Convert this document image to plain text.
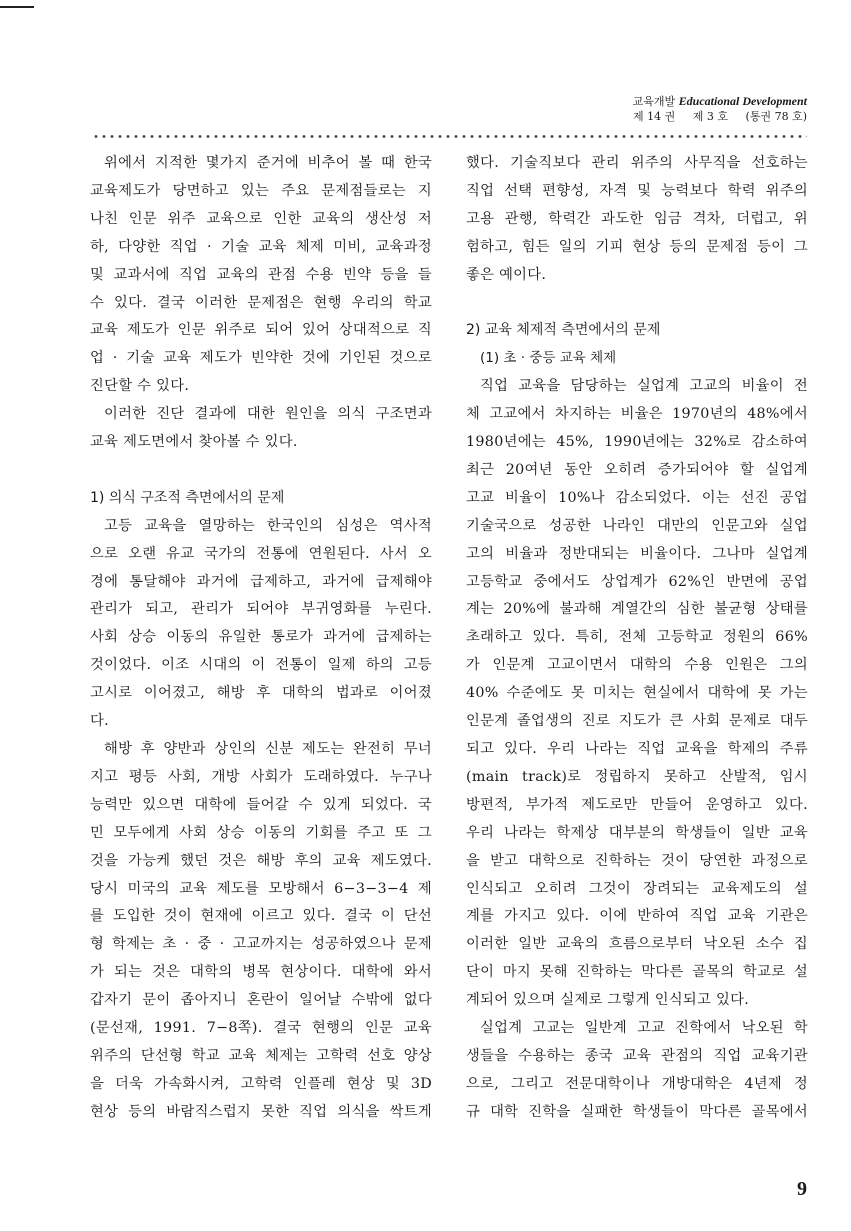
교육개발 Educational Development
제 14 권 제 3 호 (통권 78 호)

위에서 지적한 몇가지 준거에 비추어 볼 때 한국

교육제도가 당면하고 있는 주요 문제점들로는 지

나친 인문 위주 교육으로 인한 교육의 생산성 저

하, 다양한 직업 · 기술 교육 체제 미비, 교육과정

및 교과서에 직업 교육의 관점 수용 빈약 등을 들

수 있다. 결국 이러한 문제점은 현행 우리의 학교

교육 제도가 인문 위주로 되어 있어 상대적으로 직

업 · 기술 교육 제도가 빈약한 것에 기인된 것으로

진단할 수 있다.

이러한 진단 결과에 대한 원인을 의식 구조면과

교육 제도면에서 찾아볼 수 있다.

1) 의식 구조적 측면에서의 문제

고등 교육을 열망하는 한국인의 심성은 역사적

으로 오랜 유교 국가의 전통에 연원된다. 사서 오

경에 통달해야 과거에 급제하고, 과거에 급제해야

관리가 되고, 관리가 되어야 부귀영화를 누린다.

사회 상승 이동의 유일한 통로가 과거에 급제하는

것이었다. 이조 시대의 이 전통이 일제 하의 고등

고시로 이어졌고, 해방 후 대학의 법과로 이어졌

다.

해방 후 양반과 상인의 신분 제도는 완전히 무너

지고 평등 사회, 개방 사회가 도래하였다. 누구나

능력만 있으면 대학에 들어갈 수 있게 되었다. 국

민 모두에게 사회 상승 이동의 기회를 주고 또 그

것을 가능케 했던 것은 해방 후의 교육 제도였다.

당시 미국의 교육 제도를 모방해서 6−3−3−4 제

를 도입한 것이 현재에 이르고 있다. 결국 이 단선

형 학제는 초 · 중 · 고교까지는 성공하였으나 문제

가 되는 것은 대학의 병목 현상이다. 대학에 와서

갑자기 문이 좁아지니 혼란이 일어날 수밖에 없다

(문선재, 1991. 7−8쪽). 결국 현행의 인문 교육

위주의 단선형 학교 교육 체제는 고학력 선호 양상

을 더욱 가속화시켜, 고학력 인플레 현상 및 3D

현상 등의 바람직스럽지 못한 직업 의식을 싹트게

했다. 기술직보다 관리 위주의 사무직을 선호하는

직업 선택 편향성, 자격 및 능력보다 학력 위주의

고용 관행, 학력간 과도한 임금 격차, 더럽고, 위

험하고, 힘든 일의 기피 현상 등의 문제점 등이 그

좋은 예이다.

2) 교육 체제적 측면에서의 문제

(1) 초 · 중등 교육 체제

직업 교육을 담당하는 실업계 고교의 비율이 전

체 고교에서 차지하는 비율은 1970년의 48%에서

1980년에는 45%, 1990년에는 32%로 감소하여

최근 20여년 동안 오히려 증가되어야 할 실업계

고교 비율이 10%나 감소되었다. 이는 선진 공업

기술국으로 성공한 나라인 대만의 인문고와 실업

고의 비율과 정반대되는 비율이다. 그나마 실업계

고등학교 중에서도 상업계가 62%인 반면에 공업

계는 20%에 불과해 계열간의 심한 불균형 상태를

초래하고 있다. 특히, 전체 고등학교 정원의 66%

가 인문계 고교이면서 대학의 수용 인원은 그의

40% 수준에도 못 미치는 현실에서 대학에 못 가는

인문계 졸업생의 진로 지도가 큰 사회 문제로 대두

되고 있다. 우리 나라는 직업 교육을 학제의 주류

(main track)로 정립하지 못하고 산발적, 임시

방편적, 부가적 제도로만 만들어 운영하고 있다.

우리 나라는 학제상 대부분의 학생들이 일반 교육

을 받고 대학으로 진학하는 것이 당연한 과정으로

인식되고 오히려 그것이 장려되는 교육제도의 설

계를 가지고 있다. 이에 반하여 직업 교육 기관은

이러한 일반 교육의 흐름으로부터 낙오된 소수 집

단이 마지 못해 진학하는 막다른 골목의 학교로 설

계되어 있으며 실제로 그렇게 인식되고 있다.

실업계 고교는 일반계 고교 진학에서 낙오된 학

생들을 수용하는 종국 교육 관점의 직업 교육기관

으로, 그리고 전문대학이나 개방대학은 4년제 정

규 대학 진학을 실패한 학생들이 막다른 골목에서

9
